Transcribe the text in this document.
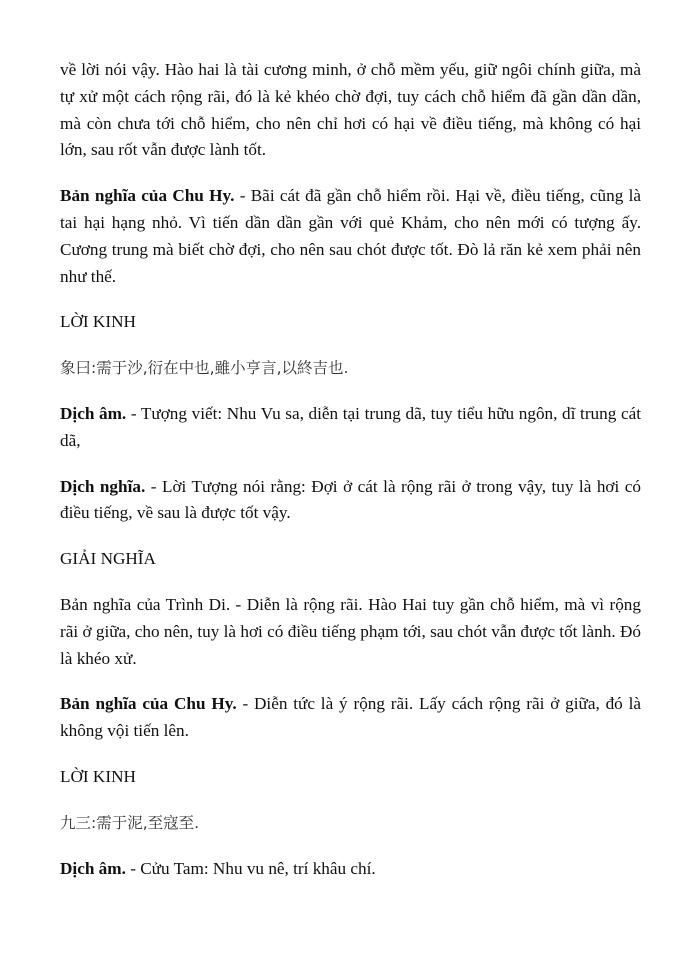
về lời nói vậy. Hào hai là tài cương minh, ở chỗ mềm yếu, giữ ngôi chính giữa, mà tự xử một cách rộng rãi, đó là kẻ khéo chờ đợi, tuy cách chỗ hiểm đã gần dần dần, mà còn chưa tới chỗ hiểm, cho nên chỉ hơi có hại về điều tiếng, mà không có hại lớn, sau rốt vẫn được lành tốt.

Bản nghĩa của Chu Hy. - Bãi cát đã gần chỗ hiểm rồi. Hại về, điều tiếng, cũng là tai hại hạng nhỏ. Vì tiến dần dần gần với quẻ Khảm, cho nên mới có tượng ấy. Cương trung mà biết chờ đợi, cho nên sau chót được tốt. Đò lả răn kẻ xem phải nên như thế.

LỜI KINH

象曰:需于沙,衍在中也,雖小亨言,以終吉也.

Dịch âm. - Tượng viết: Nhu Vu sa, diễn tại trung dã, tuy tiểu hữu ngôn, dĩ trung cát dã,

Dịch nghĩa. - Lời Tượng nói rằng: Đợi ở cát là rộng rãi ở trong vậy, tuy là hơi có điều tiếng, về sau là được tốt vậy.

GIẢI NGHĨA

Bản nghĩa của Trình Di. - Diễn là rộng rãi. Hào Hai tuy gần chỗ hiểm, mà vì rộng rãi ở giữa, cho nên, tuy là hơi có điều tiếng phạm tới, sau chót vẫn được tốt lành. Đó là khéo xử.

Bản nghĩa của Chu Hy. - Diễn tức là ý rộng rãi. Lấy cách rộng rãi ở giữa, đó là không vội tiến lên.

LỜI KINH

九三:需于泥,至寇至.

Dịch âm. - Cửu Tam: Nhu vu nê, trí khâu chí.
